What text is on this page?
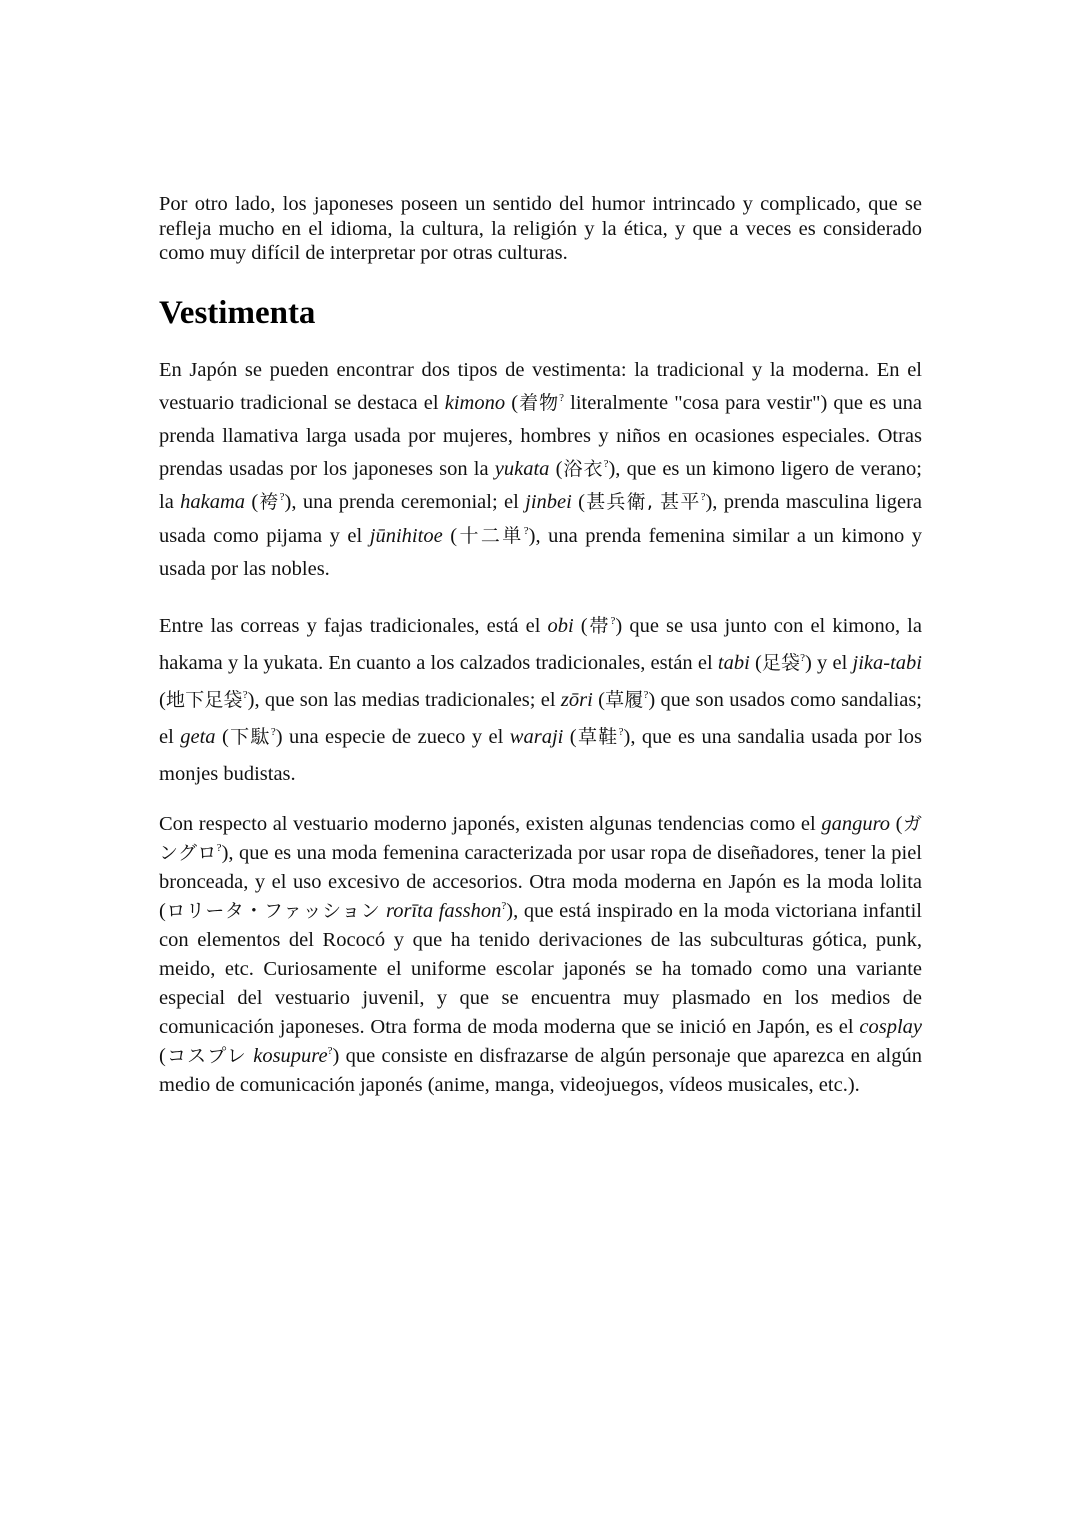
Por otro lado, los japoneses poseen un sentido del humor intrincado y complicado, que se refleja mucho en el idioma, la cultura, la religión y la ética, y que a veces es considerado como muy difícil de interpretar por otras culturas.

Vestimenta

En Japón se pueden encontrar dos tipos de vestimenta: la tradicional y la moderna. En el vestuario tradicional se destaca el kimono (着物? literalmente "cosa para vestir") que es una prenda llamativa larga usada por mujeres, hombres y niños en ocasiones especiales. Otras prendas usadas por los japoneses son la yukata (浴衣?), que es un kimono ligero de verano; la hakama (袴?), una prenda ceremonial; el jinbei (甚兵衛, 甚平?), prenda masculina ligera usada como pijama y el jūnihitoe (十二単?), una prenda femenina similar a un kimono y usada por las nobles.

Entre las correas y fajas tradicionales, está el obi (帯?) que se usa junto con el kimono, la hakama y la yukata. En cuanto a los calzados tradicionales, están el tabi (足袋?) y el jika-tabi (地下足袋?), que son las medias tradicionales; el zōri (草履?) que son usados como sandalias; el geta (下駄?) una especie de zueco y el waraji (草鞋?), que es una sandalia usada por los monjes budistas.

Con respecto al vestuario moderno japonés, existen algunas tendencias como el ganguro (ガングロ?), que es una moda femenina caracterizada por usar ropa de diseñadores, tener la piel bronceada, y el uso excesivo de accesorios. Otra moda moderna en Japón es la moda lolita (ロリータ・ファッション rorīta fasshon?), que está inspirado en la moda victoriana infantil con elementos del Rococó y que ha tenido derivaciones de las subculturas gótica, punk, meido, etc. Curiosamente el uniforme escolar japonés se ha tomado como una variante especial del vestuario juvenil, y que se encuentra muy plasmado en los medios de comunicación japoneses. Otra forma de moda moderna que se inició en Japón, es el cosplay (コスプレ kosupure?) que consiste en disfrazarse de algún personaje que aparezca en algún medio de comunicación japonés (anime, manga, videojuegos, vídeos musicales, etc.).
